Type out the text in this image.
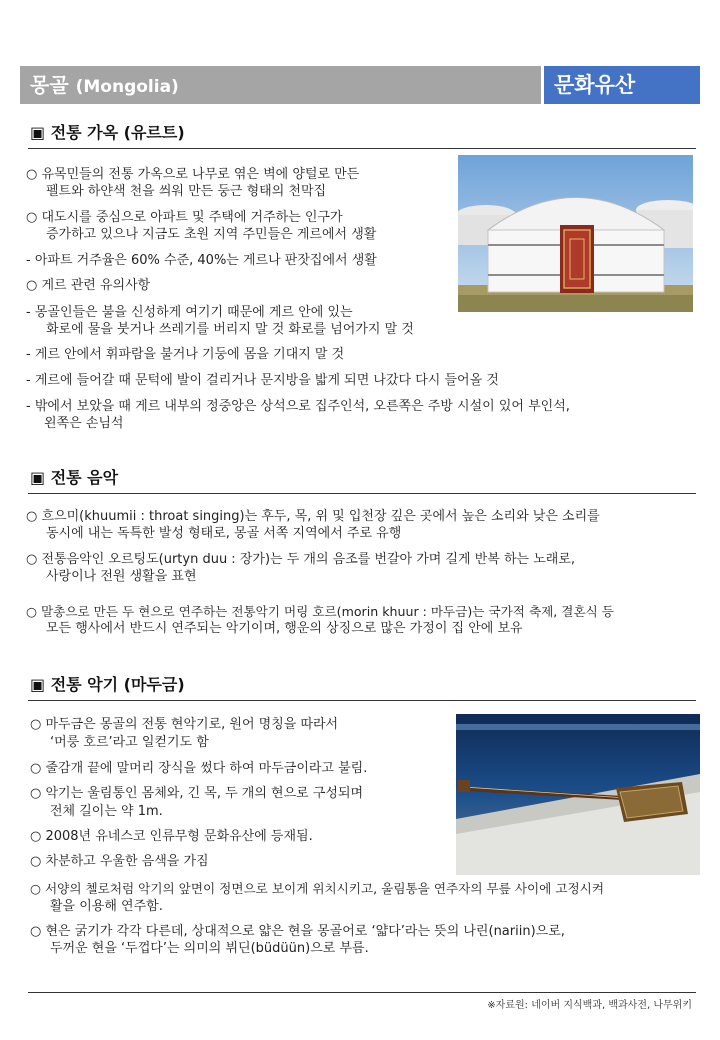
몽골 (Mongolia)	문화유산
▣ 전통 가옥 (유르트)
○ 유목민들의 전통 가옥으로 나무로 엮은 벽에 양털로 만든
펠트와 하얀색 천을 씌워 만든 둥근 형태의 천막집
○ 대도시를 중심으로 아파트 및 주택에 거주하는 인구가
증가하고 있으나 지금도 초원 지역 주민들은 게르에서 생활
- 아파트 거주율은 60% 수준, 40%는 게르나 판잣집에서 생활
○ 게르 관련 유의사항
- 몽골인들은 불을 신성하게 여기기 때문에 게르 안에 있는
화로에 물을 붓거나 쓰레기를 버리지 말 것 화로를 넘어가지 말 것
- 게르 안에서 휘파람을 불거나 기둥에 몸을 기대지 말 것
- 게르에 들어갈 때 문턱에 발이 걸리거나 문지방을 밟게 되면 나갔다 다시 들어올 것
- 밖에서 보았을 때 게르 내부의 정중앙은 상석으로 집주인석, 오른쪽은 주방 시설이 있어 부인석,
왼쪽은 손님석
▣ 전통 음악
○ 흐으미(khuumii : throat singing)는 후두, 목, 위 및 입천장 깊은 곳에서 높은 소리와 낮은 소리를
동시에 내는 독특한 발성 형태로, 몽골 서쪽 지역에서 주로 유행
○ 전통음악인 오르팅도(urtyn duu : 장가)는 두 개의 음조를 번갈아 가며 길게 반복 하는 노래로,
사랑이나 전원 생활을 표현
○ 말총으로 만든 두 현으로 연주하는 전통악기 머링 호르(morin khuur : 마두금)는 국가적 축제, 결혼식 등
모든 행사에서 반드시 연주되는 악기이며, 행운의 상징으로 많은 가정이 집 안에 보유
▣ 전통 악기 (마두금)
○ 마두금은 몽골의 전통 현악기로, 원어 명칭을 따라서
‘머룽 호르’라고 일컫기도 함
○ 줄감개 끝에 말머리 장식을 썼다 하여 마두금이라고 불림.
○ 악기는 울림통인 몸체와, 긴 목, 두 개의 현으로 구성되며
전체 길이는 약 1m.
○ 2008년 유네스코 인류무형 문화유산에 등재됨.
○ 차분하고 우울한 음색을 가짐
○ 서양의 첼로처럼 악기의 앞면이 정면으로 보이게 위치시키고, 울림통을 연주자의 무릎 사이에 고정시켜
활을 이용해 연주함.
○ 현은 굵기가 각각 다른데, 상대적으로 얇은 현을 몽골어로 ‘얇다’라는 뜻의 나린(nariin)으로,
두꺼운 현을 ‘두껍다’는 의미의 뷔딘(büdüün)으로 부름.
※자료원: 네이버 지식백과, 백과사전, 나무위키
